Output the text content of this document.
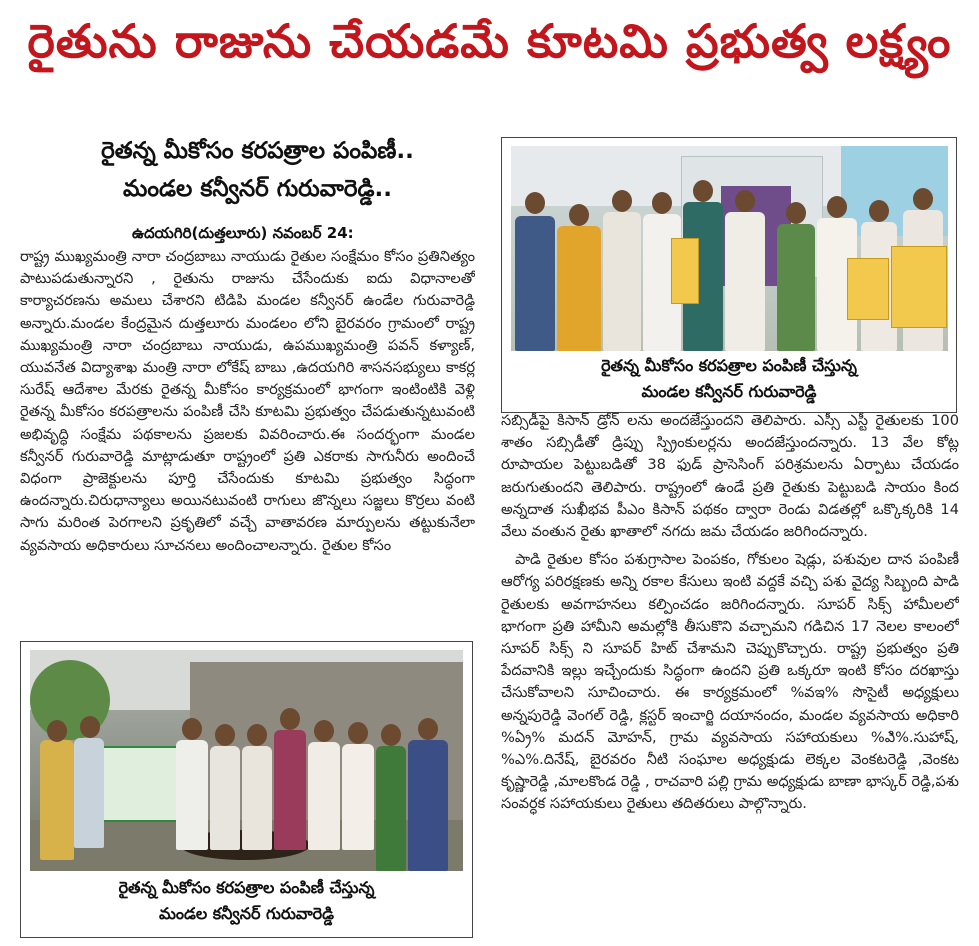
రైతును రాజును చేయడమే కూటమి ప్రభుత్వ లక్ష్యం
రైతన్న మీకోసం కరపత్రాల పంపిణీ..
మండల కన్వీనర్ గురువారెడ్డి..
ఉదయగిరి(దుత్తలూరు) నవంబర్ 24:

రాష్ట్ర ముఖ్యమంత్రి నారా చంద్రబాబు నాయుడు రైతుల సంక్షేమం కోసం ప్రతినిత్యం పాటుపడుతున్నారని , రైతును రాజును చేసేందుకు ఐదు విధానాలతో కార్యాచరణను అమలు చేశారని టిడిపి మండల కన్వీనర్ ఉండేల గురువారెడ్డి అన్నారు.మండల కేంద్రమైన దుత్తలూరు మండలం లోని బైరవరం గ్రామంలో రాష్ట్ర ముఖ్యమంత్రి నారా చంద్రబాబు నాయుడు, ఉపముఖ్యమంత్రి పవన్ కళ్యాణ్, యువనేత విద్యాశాఖ మంత్రి నారా లోకేష్ బాబు ,ఉదయగిరి శాసనసభ్యులు కాకర్ల సురేష్ ఆదేశాల మేరకు రైతన్న మీకోసం కార్యక్రమంలో భాగంగా ఇంటింటికి వెళ్లి రైతన్న మీకోసం కరపత్రాలను పంపిణీ చేసి కూటమి ప్రభుత్వం చేపడుతున్నటువంటి అభివృద్ధి సంక్షేమ పథకాలను ప్రజలకు వివరించారు.ఈ సందర్భంగా మండల కన్వీనర్ గురువారెడ్డి మాట్లాడుతూ రాష్ట్రంలో ప్రతి ఎకరాకు సాగునీరు అందించే విధంగా ప్రాజెక్టులను పూర్తి చేసేందుకు కూటమి ప్రభుత్వం సిద్ధంగా ఉందన్నారు.చిరుధాన్యాలు అయినటువంటి రాగులు జొన్నలు సజ్జలు కొర్రలు వంటి సాగు మరింత పెరగాలని ప్రకృతిలో వచ్చే వాతావరణ మార్పులను తట్టుకునేలా వ్యవసాయ అధికారులు సూచనలు అందించాలన్నారు. రైతుల కోసం

రైతన్న మీకోసం కరపత్రాల పంపిణీ చేస్తున్న
మండల కన్వీనర్ గురువారెడ్డి

సబ్సిడీపై కిసాన్ డ్రోన్ లను అందజేస్తుందని తెలిపారు. ఎస్సీ ఎస్టీ రైతులకు 100 శాతం సబ్సిడీతో డ్రిప్పు స్ప్రింకులర్లను అందజేస్తుందన్నారు. 13 వేల కోట్ల రూపాయల పెట్టుబడితో 38 ఫుడ్ ప్రాసెసింగ్ పరిశ్రమలను ఏర్పాటు చేయడం జరుగుతుందని తెలిపారు. రాష్ట్రంలో ఉండే ప్రతి రైతుకు పెట్టుబడి సాయం కింద అన్నదాత సుఖీభవ పీఎం కిసాన్ పథకం ద్వారా రెండు విడతల్లో ఒక్కొక్కరికి 14 వేలు వంతున రైతు ఖాతాలో నగదు జమ చేయడం జరిగిందన్నారు.

పాడి రైతుల కోసం పశుగ్రాసాల పెంపకం, గోకులం షెడ్లు, పశువుల దాన పంపిణీ ఆరోగ్య పరిరక్షణకు అన్ని రకాల కేసులు ఇంటి వద్దకే వచ్చి పశు వైద్య సిబ్బంది పాడి రైతులకు అవగాహనలు కల్పించడం జరిగిందన్నారు. సూపర్ సిక్స్ హామీలలో భాగంగా ప్రతి హామీని అమల్లోకి తీసుకొని వచ్చామని గడిచిన 17 నెలల కాలంలో సూపర్ సిక్స్ ని సూపర్ హిట్ చేశామని చెప్పుకొచ్చారు. రాష్ట్ర ప్రభుత్వం ప్రతి పేదవానికి ఇల్లు ఇచ్చేందుకు సిద్ధంగా ఉందని ప్రతి ఒక్కరూ ఇంటి కోసం దరఖాస్తు చేసుకోవాలని సూచించారు. ఈ కార్యక్రమంలో %వఇ% సొసైటీ అధ్యక్షులు అన్నపురెడ్డి వెంగల్ రెడ్డి, క్లస్టర్ ఇంచార్జి దయానందం, మండల వ్యవసాయ అధికారి %ఏ్ర% మదన్ మోహన్, గ్రామ వ్యవసాయ సహాయకులు %ఎి%.సుహాష్, %ఎ%.దినేష్, బైరవరం నీటి సంఘాల అధ్యక్షుడు లెక్కల వెంకటరెడ్డి ,వెంకట కృష్ణారెడ్డి ,మాలకొండ రెడ్డి , రాచవారి పల్లి గ్రామ అధ్యక్షుడు బాణా భాస్కర్ రెడ్డి,పశు సంవర్ధక సహాయకులు రైతులు తదితరులు పాల్గొన్నారు.

రైతన్న మీకోసం కరపత్రాల పంపిణీ చేస్తున్న
మండల కన్వీనర్ గురువారెడ్డి
